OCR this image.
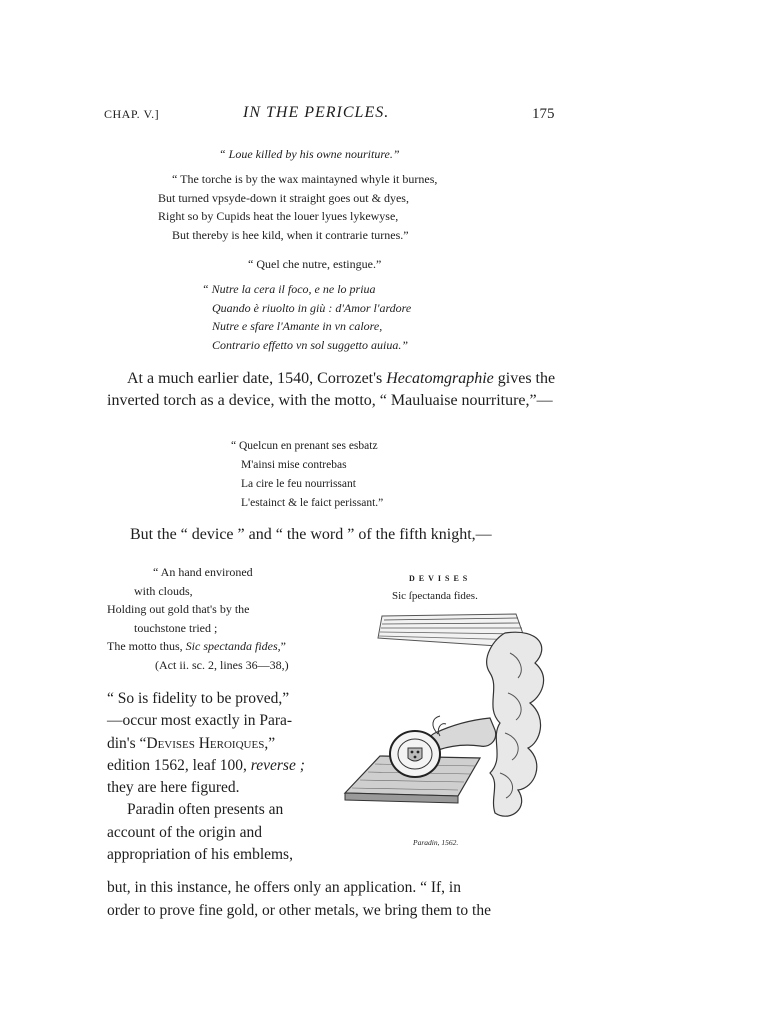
CHAP. V.]	IN THE PERICLES.	175
“ Loue killed by his owne nouriture.”
“ The torche is by the wax maintayned whyle it burnes,
But turned vpsyde-down it straight goes out & dyes,
Right so by Cupids heat the louer lyues lykewyse,
But thereby is hee kild, when it contrarie turnes.”
“ Quel che nutre, estingue.”
“ Nutre la cera il foco, e ne lo priua
Quando è riuolto in giù : d'Amor l'ardore
Nutre e sfare l'Amante in vn calore,
Contrario effetto vn sol suggetto auiua.”
At a much earlier date, 1540, Corrozet's Hecatomgraphie gives the inverted torch as a device, with the motto, “ Mauluaise nourriture,”—
“ Quelcun en prenant ses esbatz
M'ainsi mise contrebas
La cire le feu nourrissant
L'estainct & le faict perissant.”
But the “ device ” and “ the word ” of the fifth knight,—
“ An hand environed
with clouds,
Holding out gold that's by the
touchstone tried ;
The motto thus, Sic spectanda fides,”
(Act ii. sc. 2, lines 36—38,)
“ So is fidelity to be proved,”
—occur most exactly in Para-
din's “Devises Heroiques,”
edition 1562, leaf 100, reverse ;
they are here figured.
Paradin often presents an
account of the origin and
appropriation of his emblems,
but, in this instance, he offers only an application. “ If, in
order to prove fine gold, or other metals, we bring them to the
DEVISES
Sic ſpectanda fides.
Paradin, 1562.
